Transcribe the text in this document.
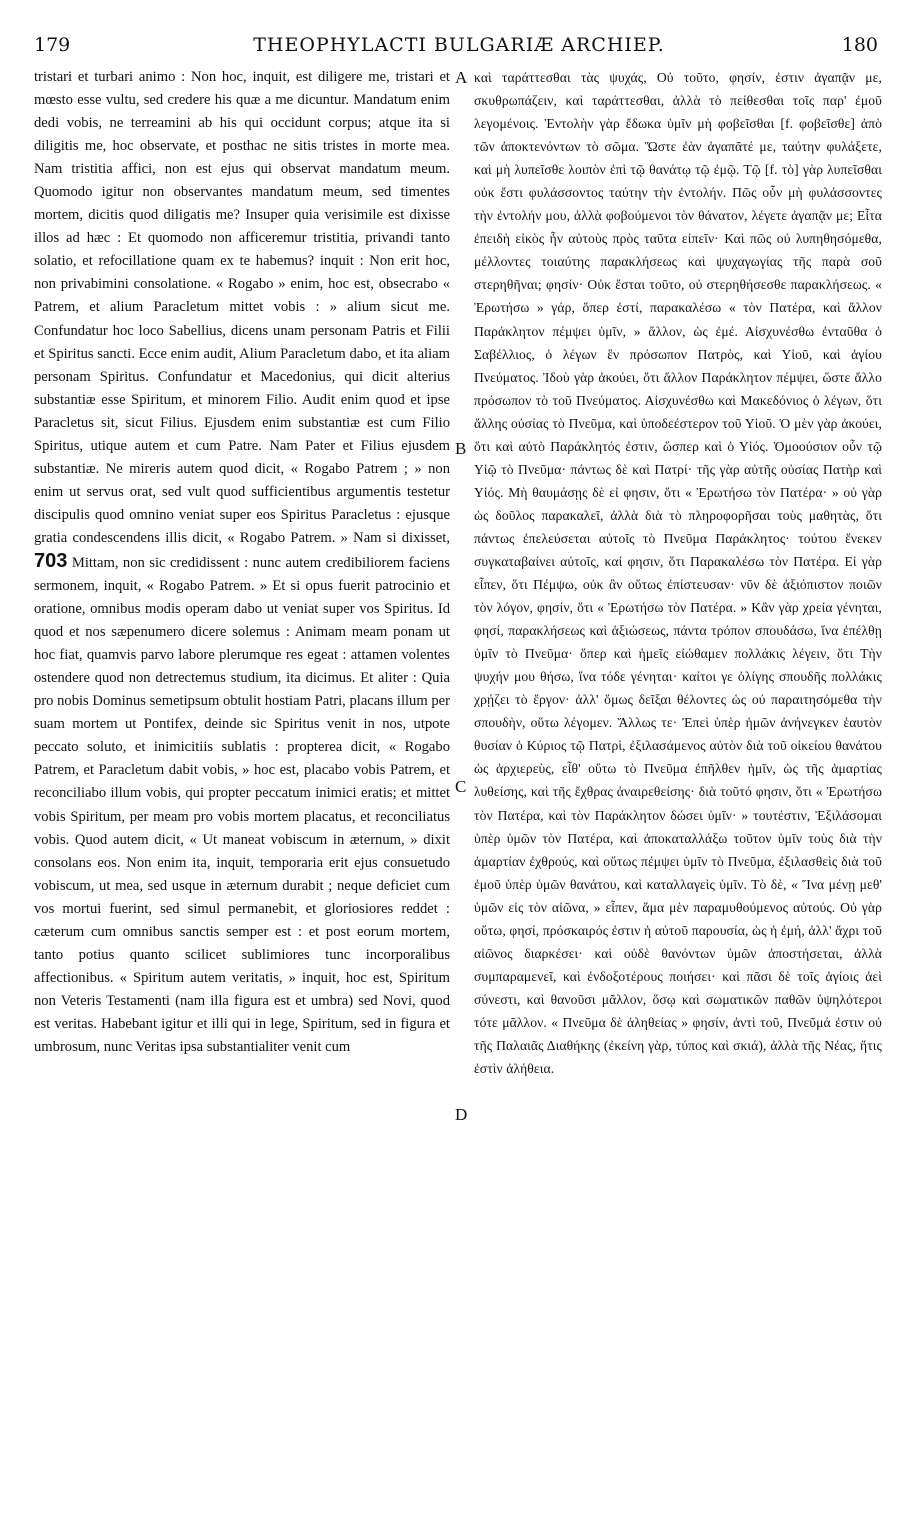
179	THEOPHYLACTI BULGARIÆ ARCHIEP.	180

tristari et turbari animo : Non hoc, inquit, est diligere me, tristari et mœsto esse vultu, sed credere his quæ a me dicuntur. Mandatum enim dedi vobis, ne terreamini ab his qui occidunt corpus; atque ita si diligitis me, hoc observate, et posthac ne sitis tristes in morte mea. Nam tristitia affici, non est ejus qui observat mandatum meum. Quomodo igitur non observantes mandatum meum, sed timentes mortem, dicitis quod diligatis me? Insuper quia verisimile est dixisse illos ad hæc : Et quomodo non afficeremur tristitia, privandi tanto solatio, et refocillatione quam ex te habemus? inquit : Non erit hoc, non privabimini consolatione. « Rogabo » enim, hoc est, obsecrabo « Patrem, et alium Paracletum mittet vobis : » alium sicut me. Confundatur hoc loco Sabellius, dicens unam personam Patris et Filii et Spiritus sancti. Ecce enim audit, Alium Paracletum dabo, et ita aliam personam Spiritus. Confundatur et Macedonius, qui dicit alterius substantiæ esse Spiritum, et minorem Filio. Audit enim quod et ipse Paracletus sit, sicut Filius. Ejusdem enim substantiæ est cum Filio Spiritus, utique autem et cum Patre. Nam Pater et Filius ejusdem substantiæ. Ne mireris autem quod dicit, « Rogabo Patrem ; » non enim ut servus orat, sed vult quod sufficientibus argumentis testetur discipulis quod omnino veniat super eos Spiritus Paracletus : ejusque gratia condescendens illis dicit, « Rogabo Patrem. » Nam si dixisset, 703 Mittam, non sic credidissent : nunc autem credibiliorem faciens sermonem, inquit, « Rogabo Patrem. » Et si opus fuerit patrocinio et oratione, omnibus modis operam dabo ut veniat super vos Spiritus. Id quod et nos sæpenumero dicere solemus : Animam meam ponam ut hoc fiat, quamvis parvo labore plerumque res egeat : attamen volentes ostendere quod non detrectemus studium, ita dicimus. Et aliter : Quia pro nobis Dominus semetipsum obtulit hostiam Patri, placans illum per suam mortem ut Pontifex, deinde sic Spiritus venit in nos, utpote peccato soluto, et inimicitiis sublatis : propterea dicit, « Rogabo Patrem, et Paracletum dabit vobis, » hoc est, placabo vobis Patrem, et reconciliabo illum vobis, qui propter peccatum inimici eratis; et mittet vobis Spiritum, per meam pro vobis mortem placatus, et reconciliatus vobis. Quod autem dicit, « Ut maneat vobiscum in æternum, » dixit consolans eos. Non enim ita, inquit, temporaria erit ejus consuetudo vobiscum, ut mea, sed usque in æternum durabit ; neque deficiet cum vos mortui fuerint, sed simul permanebit, et gloriosiores reddet : cæterum cum omnibus sanctis semper est : et post eorum mortem, tanto potius quanto scilicet sublimiores tunc incorporalibus affectionibus. « Spiritum autem veritatis, » inquit, hoc est, Spiritum non Veteris Testamenti (nam illa figura est et umbra) sed Novi, quod est veritas. Habebant igitur et illi qui in lege, Spiritum, sed in figura et umbrosum, nunc Veritas ipsa substantialiter venit cum

A
B
C
D

καὶ ταράττεσθαι τὰς ψυχάς, Οὐ τοῦτο, φησίν, ἐστιν ἀγαπᾷν με, σκυθρωπάζειν, καὶ ταράττεσθαι, ἀλλὰ τὸ πείθεσθαι τοῖς παρ' ἐμοῦ λεγομένοις. Ἐντολὴν γὰρ ἔδωκα ὑμῖν μὴ φοβεῖσθαι [f. φοβεῖσθε] ἀπὸ τῶν ἀποκτενόντων τὸ σῶμα. Ὥστε ἐὰν ἀγαπᾶτέ με, ταύτην φυλάξετε, καὶ μὴ λυπεῖσθε λοιπὸν ἐπὶ τῷ θανάτῳ τῷ ἐμῷ. Τῷ [f. τὸ] γὰρ λυπεῖσθαι οὐκ ἔστι φυλάσσοντος ταύτην τὴν ἐντολήν. Πῶς οὖν μὴ φυλάσσοντες τὴν ἐντολήν μου, ἀλλὰ φοβούμενοι τὸν θάνατον, λέγετε ἀγαπᾷν με; Εἶτα ἐπειδὴ εἰκὸς ἦν αὐτοὺς πρὸς ταῦτα εἰπεῖν· Καὶ πῶς οὐ λυπηθησόμεθα, μέλλοντες τοιαύτης παρακλήσεως καὶ ψυχαγωγίας τῆς παρὰ σοῦ στερηθῆναι; φησίν· Οὐκ ἔσται τοῦτο, οὐ στερηθήσεσθε παρακλήσεως. « Ἐρωτήσω » γάρ, ὅπερ ἐστί, παρακαλέσω « τὸν Πατέρα, καὶ ἄλλον Παράκλητον πέμψει ὑμῖν, » ἄλλον, ὡς ἐμέ. Αἰσχυνέσθω ἐνταῦθα ὁ Σαβέλλιος, ὁ λέγων ἓν πρόσωπον Πατρὸς, καὶ Υἱοῦ, καὶ ἁγίου Πνεύματος. Ἰδοὺ γὰρ ἀκούει, ὅτι ἄλλον Παράκλητον πέμψει, ὥστε ἄλλο πρόσωπον τὸ τοῦ Πνεύματος. Αἰσχυνέσθω καὶ Μακεδόνιος ὁ λέγων, ὅτι ἄλλης οὐσίας τὸ Πνεῦμα, καὶ ὑποδεέστερον τοῦ Υἱοῦ. Ὁ μὲν γὰρ ἀκούει, ὅτι καὶ αὐτὸ Παράκλητός ἐστιν, ὥσπερ καὶ ὁ Υἱός. Ὁμοούσιον οὖν τῷ Υἱῷ τὸ Πνεῦμα· πάντως δὲ καὶ Πατρί· τῆς γὰρ αὐτῆς οὐσίας Πατὴρ καὶ Υἱός. Μὴ θαυμάσῃς δὲ εἰ φησιν, ὅτι « Ἐρωτήσω τὸν Πατέρα· » οὐ γὰρ ὡς δοῦλος παρακαλεῖ, ἀλλὰ διὰ τὸ πληροφορῆσαι τοὺς μαθητὰς, ὅτι πάντως ἐπελεύσεται αὐτοῖς τὸ Πνεῦμα Παράκλητος· τούτου ἕνεκεν συγκαταβαίνει αὐτοῖς, καί φησιν, ὅτι Παρακαλέσω τὸν Πατέρα. Εἰ γὰρ εἶπεν, ὅτι Πέμψω, οὐκ ἂν οὕτως ἐπίστευσαν· νῦν δὲ ἀξιόπιστον ποιῶν τὸν λόγον, φησίν, ὅτι « Ἐρωτήσω τὸν Πατέρα. » Κἂν γὰρ χρεία γένηται, φησί, παρακλήσεως καὶ ἀξιώσεως, πάντα τρόπον σπουδάσω, ἵνα ἐπέλθῃ ὑμῖν τὸ Πνεῦμα· ὅπερ καὶ ἡμεῖς εἰώθαμεν πολλάκις λέγειν, ὅτι Τὴν ψυχήν μου θήσω, ἵνα τόδε γένηται· καίτοι γε ὀλίγης σπουδῆς πολλάκις χρῄζει τὸ ἔργον· ἀλλ' ὅμως δεῖξαι θέλοντες ὡς οὐ παραιτησόμεθα τὴν σπουδὴν, οὕτω λέγομεν. Ἄλλως τε· Ἐπεὶ ὑπὲρ ἡμῶν ἀνήνεγκεν ἑαυτὸν θυσίαν ὁ Κύριος τῷ Πατρὶ, ἐξιλασάμενος αὐτὸν διὰ τοῦ οἰκείου θανάτου ὡς ἀρχιερεὺς, εἶθ' οὕτω τὸ Πνεῦμα ἐπῆλθεν ἡμῖν, ὡς τῆς ἁμαρτίας λυθείσης, καὶ τῆς ἔχθρας ἀναιρεθείσης· διὰ τοῦτό φησιν, ὅτι « Ἐρωτήσω τὸν Πατέρα, καὶ τὸν Παράκλητον δώσει ὑμῖν· » τουτέστιν, Ἐξιλάσομαι ὑπὲρ ὑμῶν τὸν Πατέρα, καὶ ἀποκαταλλάξω τοῦτον ὑμῖν τοὺς διὰ τὴν ἁμαρτίαν ἐχθρούς, καὶ οὕτως πέμψει ὑμῖν τὸ Πνεῦμα, ἐξιλασθεὶς διὰ τοῦ ἐμοῦ ὑπὲρ ὑμῶν θανάτου, καὶ καταλλαγεὶς ὑμῖν. Τὸ δὲ, « Ἵνα μένῃ μεθ' ὑμῶν εἰς τὸν αἰῶνα, » εἶπεν, ἅμα μὲν παραμυθούμενος αὐτούς. Οὐ γὰρ οὕτω, φησί, πρόσκαιρός ἐστιν ἡ αὐτοῦ παρουσία, ὡς ἡ ἐμή, ἀλλ' ἄχρι τοῦ αἰῶνος διαρκέσει· καὶ οὐδὲ θανόντων ὑμῶν ἀποστήσεται, ἀλλὰ συμπαραμενεῖ, καὶ ἐνδοξοτέρους ποιήσει· καὶ πᾶσι δὲ τοῖς ἁγίοις ἀεὶ σύνεστι, καὶ θανοῦσι μᾶλλον, ὅσῳ καὶ σωματικῶν παθῶν ὑψηλότεροι τότε μᾶλλον. « Πνεῦμα δὲ ἀληθείας » φησίν, ἀντὶ τοῦ, Πνεῦμά ἐστιν οὐ τῆς Παλαιᾶς Διαθήκης (ἐκείνη γὰρ, τύπος καὶ σκιά), ἀλλὰ τῆς Νέας, ἥτις ἐστὶν ἀλήθεια.
